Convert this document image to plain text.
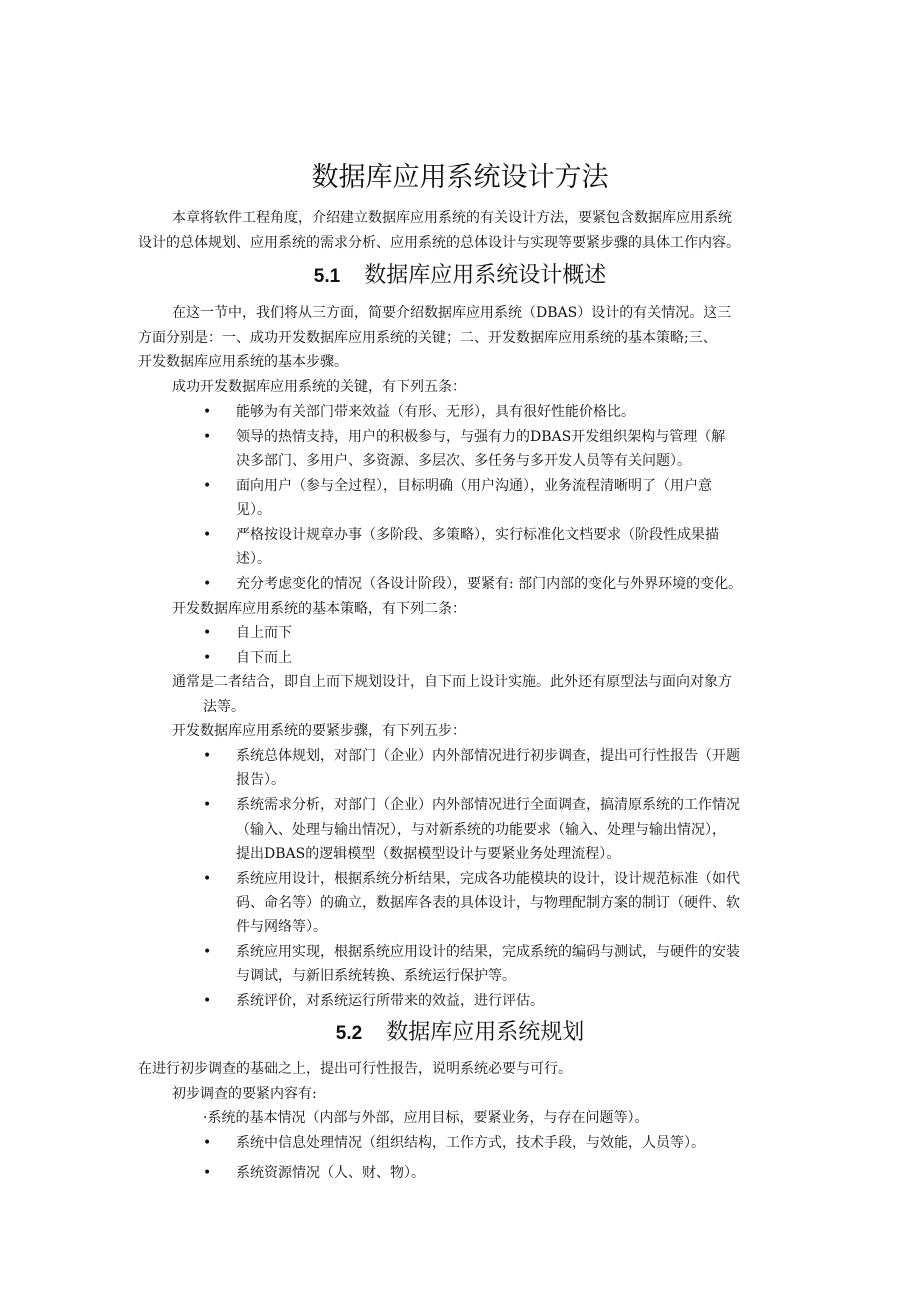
数据库应用系统设计方法
本章将软件工程角度，介绍建立数据库应用系统的有关设计方法，要紧包含数据库应用系统
设计的总体规划、应用系统的需求分析、应用系统的总体设计与实现等要紧步骤的具体工作内容。
5.1 数据库应用系统设计概述
在这一节中，我们将从三方面，简要介绍数据库应用系统（DBAS）设计的有关情况。这三
方面分别是：一、成功开发数据库应用系统的关键；二、开发数据库应用系统的基本策略;三、
开发数据库应用系统的基本步骤。
成功开发数据库应用系统的关键，有下列五条：
• 能够为有关部门带来效益（有形、无形），具有很好性能价格比。
• 领导的热情支持，用户的积极参与，与强有力的DBAS开发组织架构与管理（解
决多部门、多用户、多资源、多层次、多任务与多开发人员等有关问题）。
• 面向用户（参与全过程），目标明确（用户沟通），业务流程清晰明了（用户意
见）。
• 严格按设计规章办事（多阶段、多策略），实行标准化文档要求（阶段性成果描
述）。
• 充分考虑变化的情况（各设计阶段），要紧有: 部门内部的变化与外界环境的变化。
开发数据库应用系统的基本策略，有下列二条：
• 自上而下
• 自下而上
通常是二者结合，即自上而下规划设计，自下而上设计实施。此外还有原型法与面向对象方
法等。
开发数据库应用系统的要紧步骤，有下列五步：
• 系统总体规划，对部门（企业）内外部情况进行初步调查，提出可行性报告（开题
报告）。
• 系统需求分析，对部门（企业）内外部情况进行全面调查，搞清原系统的工作情况
（输入、处理与输出情况），与对新系统的功能要求（输入、处理与输出情况），
提出DBAS的逻辑模型（数据模型设计与要紧业务处理流程）。
• 系统应用设计，根据系统分析结果，完成各功能模块的设计，设计规范标准（如代
码、命名等）的确立，数据库各表的具体设计，与物理配制方案的制订（硬件、软
件与网络等）。
• 系统应用实现，根据系统应用设计的结果，完成系统的编码与测试，与硬件的安装
与调试，与新旧系统转换、系统运行保护等。
• 系统评价，对系统运行所带来的效益，进行评估。
5.2 数据库应用系统规划
在进行初步调查的基础之上，提出可行性报告，说明系统必要与可行。
初步调查的要紧内容有:
·系统的基本情况（内部与外部，应用目标，要紧业务，与存在问题等）。
• 系统中信息处理情况（组织结构，工作方式，技术手段，与效能，人员等）。
• 系统资源情况（人、财、物）。
